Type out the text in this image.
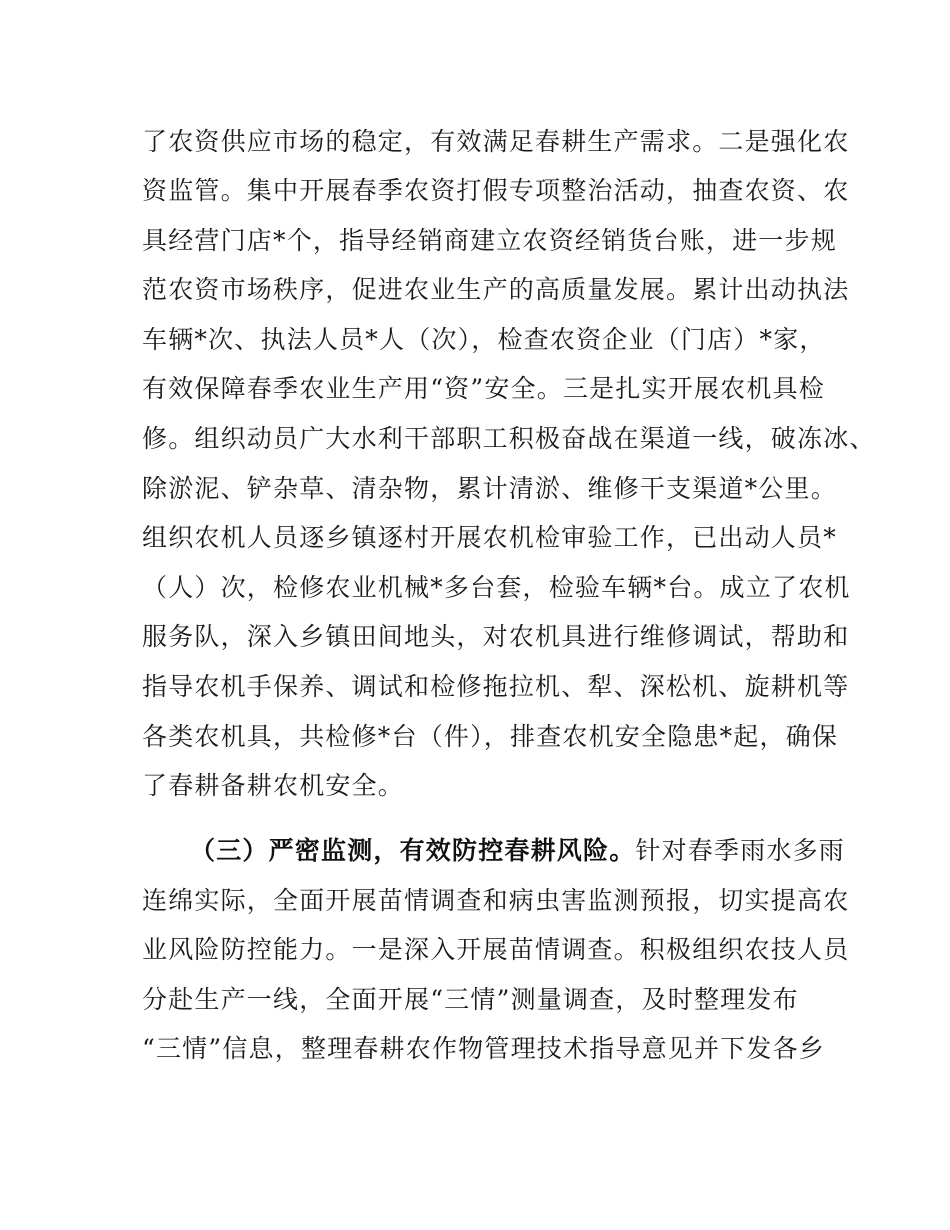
了农资供应市场的稳定，有效满足春耕生产需求。二是强化农
资监管。集中开展春季农资打假专项整治活动，抽查农资、农
具经营门店*个，指导经销商建立农资经销货台账，进一步规
范农资市场秩序，促进农业生产的高质量发展。累计出动执法
车辆*次、执法人员*人（次），检查农资企业（门店）*家，
有效保障春季农业生产用“资”安全。三是扎实开展农机具检
修。组织动员广大水利干部职工积极奋战在渠道一线，破冻冰、
除淤泥、铲杂草、清杂物，累计清淤、维修干支渠道*公里。
组织农机人员逐乡镇逐村开展农机检审验工作，已出动人员*
（人）次，检修农业机械*多台套，检验车辆*台。成立了农机
服务队，深入乡镇田间地头，对农机具进行维修调试，帮助和
指导农机手保养、调试和检修拖拉机、犁、深松机、旋耕机等
各类农机具，共检修*台（件），排查农机安全隐患*起，确保
了春耕备耕农机安全。
（三）严密监测，有效防控春耕风险。针对春季雨水多雨
连绵实际，全面开展苗情调查和病虫害监测预报，切实提高农
业风险防控能力。一是深入开展苗情调查。积极组织农技人员
分赴生产一线，全面开展“三情”测量调查，及时整理发布
“三情”信息，整理春耕农作物管理技术指导意见并下发各乡
